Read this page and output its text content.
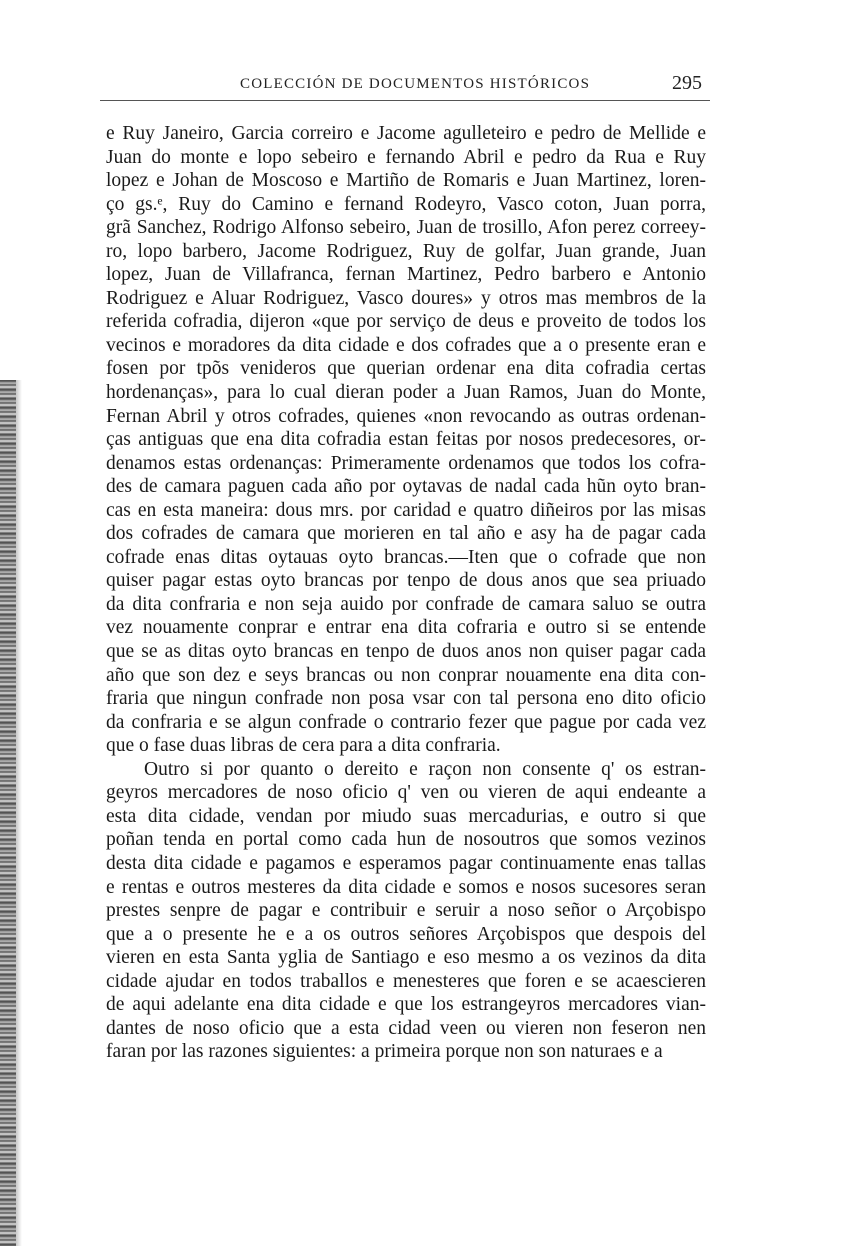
COLECCIÓN DE DOCUMENTOS HISTÓRICOS	295
e Ruy Janeiro, Garcia correiro e Jacome agulleteiro e pedro de Mellide e
Juan do monte e lopo sebeiro e fernando Abril e pedro da Rua e Ruy
lopez e Johan de Moscoso e Martiño de Romaris e Juan Martinez, loren-
ço gs.ᵉ, Ruy do Camino e fernand Rodeyro, Vasco coton, Juan porra,
grã Sanchez, Rodrigo Alfonso sebeiro, Juan de trosillo, Afon perez correey-
ro, lopo barbero, Jacome Rodriguez, Ruy de golfar, Juan grande, Juan
lopez, Juan de Villafranca, fernan Martinez, Pedro barbero e Antonio
Rodriguez e Aluar Rodriguez, Vasco doures» y otros mas membros de la
referida cofradia, dijeron «que por serviço de deus e proveito de todos los
vecinos e moradores da dita cidade e dos cofrades que a o presente eran e
fosen por tpõs venideros que querian ordenar ena dita cofradia certas
hordenanças», para lo cual dieran poder a Juan Ramos, Juan do Monte,
Fernan Abril y otros cofrades, quienes «non revocando as outras ordenan-
ças antiguas que ena dita cofradia estan feitas por nosos predecesores, or-
denamos estas ordenanças: Primeramente ordenamos que todos los cofra-
des de camara paguen cada año por oytavas de nadal cada hũn oyto bran-
cas en esta maneira: dous mrs. por caridad e quatro diñeiros por las misas
dos cofrades de camara que morieren en tal año e asy ha de pagar cada
cofrade enas ditas oytauas oyto brancas.—Iten que o cofrade que non
quiser pagar estas oyto brancas por tenpo de dous anos que sea priuado
da dita confraria e non seja auido por confrade de camara saluo se outra
vez nouamente conprar e entrar ena dita cofraria e outro si se entende
que se as ditas oyto brancas en tenpo de duos anos non quiser pagar cada
año que son dez e seys brancas ou non conprar nouamente ena dita con-
fraria que ningun confrade non posa vsar con tal persona eno dito oficio
da confraria e se algun confrade o contrario fezer que pague por cada vez
que o fase duas libras de cera para a dita confraria.
Outro si por quanto o dereito e raçon non consente q' os estran-
geyros mercadores de noso oficio q' ven ou vieren de aqui endeante a
esta dita cidade, vendan por miudo suas mercadurias, e outro si que
poñan tenda en portal como cada hun de nosoutros que somos vezinos
desta dita cidade e pagamos e esperamos pagar continuamente enas tallas
e rentas e outros mesteres da dita cidade e somos e nosos sucesores seran
prestes senpre de pagar e contribuir e seruir a noso señor o Arçobispo
que a o presente he e a os outros señores Arçobispos que despois del
vieren en esta Santa yglia de Santiago e eso mesmo a os vezinos da dita
cidade ajudar en todos traballos e menesteres que foren e se acaescieren
de aqui adelante ena dita cidade e que los estrangeyros mercadores vian-
dantes de noso oficio que a esta cidad veen ou vieren non feseron nen
faran por las razones siguientes: a primeira porque non son naturaes e a
